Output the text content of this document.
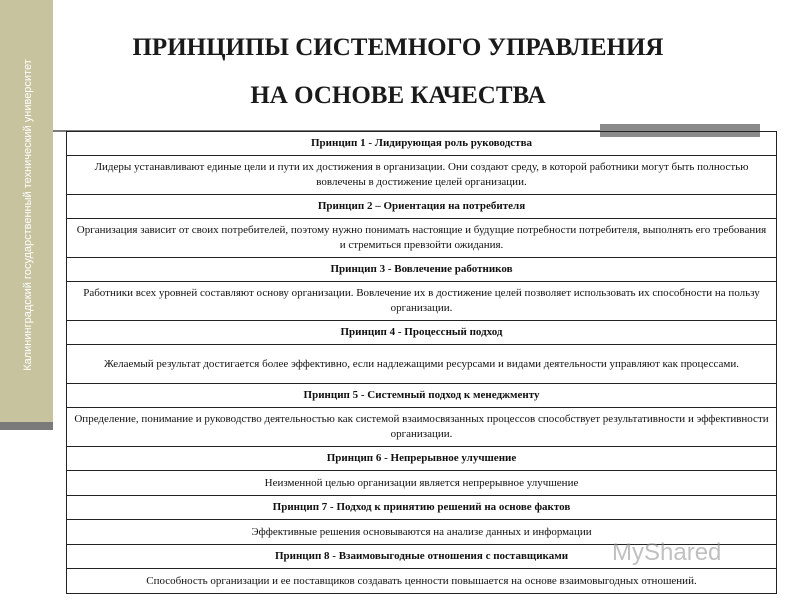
Калининградский государственный технический университет
ПРИНЦИПЫ СИСТЕМНОГО УПРАВЛЕНИЯ
НА ОСНОВЕ КАЧЕСТВА
Принцип 1 - Лидирующая роль руководства
Лидеры устанавливают единые цели и пути их достижения в организации. Они создают среду, в которой работники могут быть полностью вовлечены в достижение целей организации.
Принцип 2 – Ориентация на потребителя
Организация зависит от своих потребителей, поэтому нужно понимать настоящие и будущие потребности потребителя, выполнять его требования и стремиться превзойти ожидания.
Принцип 3 - Вовлечение работников
Работники всех уровней составляют основу организации. Вовлечение их в достижение целей позволяет использовать их способности на пользу организации.
Принцип 4 - Процессный подход
Желаемый результат достигается более эффективно, если надлежащими ресурсами и видами деятельности управляют как процессами.
Принцип 5 - Системный подход к менеджменту
Определение, понимание и руководство деятельностью как системой взаимосвязанных процессов способствует результативности и эффективности организации.
Принцип 6 - Непрерывное улучшение
Неизменной целью организации является непрерывное улучшение
Принцип 7 - Подход к принятию решений на основе фактов
Эффективные решения основываются на анализе данных и информации
Принцип 8 - Взаимовыгодные отношения с поставщиками
Способность организации и ее поставщиков создавать ценности повышается на основе взаимовыгодных отношений.
MyShared
